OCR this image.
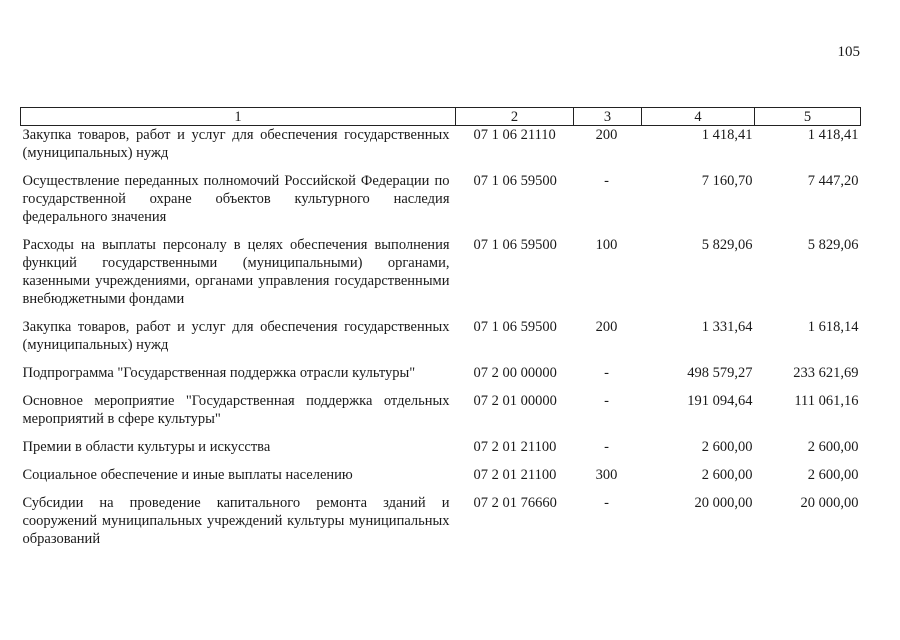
105
1	2	3	4	5
Закупка товаров, работ и услуг для обеспечения государственных (муниципальных) нужд	07 1 06 21110	200	1 418,41	1 418,41
Осуществление переданных полномочий Российской Федерации по государственной охране объектов культурного наследия федерального значения	07 1 06 59500	-	7 160,70	7 447,20
Расходы на выплаты персоналу в целях обеспечения выполнения функций государственными (муниципальными) органами, казенными учреждениями, органами управления государственными внебюджетными фондами	07 1 06 59500	100	5 829,06	5 829,06
Закупка товаров, работ и услуг для обеспечения государственных (муниципальных) нужд	07 1 06 59500	200	1 331,64	1 618,14
Подпрограмма "Государственная поддержка отрасли культуры"	07 2 00 00000	-	498 579,27	233 621,69
Основное мероприятие "Государственная поддержка отдельных мероприятий в сфере культуры"	07 2 01 00000	-	191 094,64	111 061,16
Премии в области культуры и искусства	07 2 01 21100	-	2 600,00	2 600,00
Социальное обеспечение и иные выплаты населению	07 2 01 21100	300	2 600,00	2 600,00
Субсидии на проведение капитального ремонта зданий и сооружений муниципальных учреждений культуры муниципальных образований	07 2 01 76660	-	20 000,00	20 000,00
